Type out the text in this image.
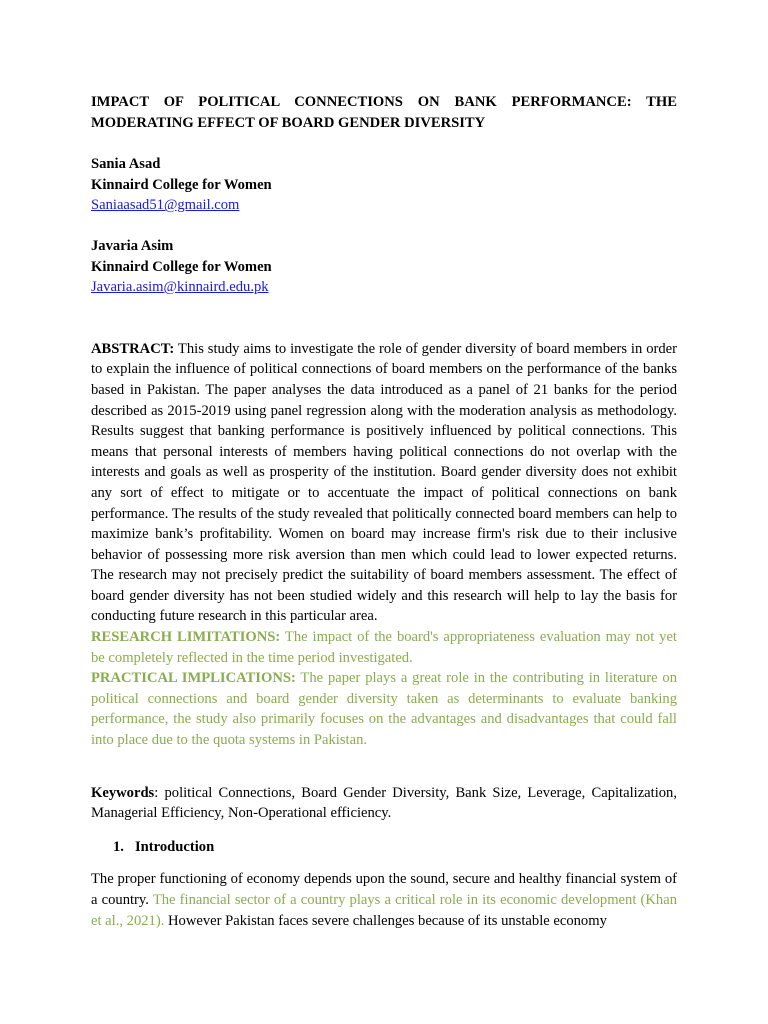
IMPACT OF POLITICAL CONNECTIONS ON BANK PERFORMANCE: THE MODERATING EFFECT OF BOARD GENDER DIVERSITY

Sania Asad
Kinnaird College for Women
Saniaasad51@gmail.com
Javaria Asim
Kinnaird College for Women
Javaria.asim@kinnaird.edu.pk

ABSTRACT: This study aims to investigate the role of gender diversity of board members in order to explain the influence of political connections of board members on the performance of the banks based in Pakistan. The paper analyses the data introduced as a panel of 21 banks for the period described as 2015-2019 using panel regression along with the moderation analysis as methodology. Results suggest that banking performance is positively influenced by political connections. This means that personal interests of members having political connections do not overlap with the interests and goals as well as prosperity of the institution. Board gender diversity does not exhibit any sort of effect to mitigate or to accentuate the impact of political connections on bank performance. The results of the study revealed that politically connected board members can help to maximize bank’s profitability. Women on board may increase firm's risk due to their inclusive behavior of possessing more risk aversion than men which could lead to lower expected returns. The research may not precisely predict the suitability of board members assessment. The effect of board gender diversity has not been studied widely and this research will help to lay the basis for conducting future research in this particular area.

RESEARCH LIMITATIONS: The impact of the board's appropriateness evaluation may not yet be completely reflected in the time period investigated.

PRACTICAL IMPLICATIONS: The paper plays a great role in the contributing in literature on political connections and board gender diversity taken as determinants to evaluate banking performance, the study also primarily focuses on the advantages and disadvantages that could fall into place due to the quota systems in Pakistan.

Keywords: political Connections, Board Gender Diversity, Bank Size, Leverage, Capitalization, Managerial Efficiency, Non-Operational efficiency.

1. Introduction

The proper functioning of economy depends upon the sound, secure and healthy financial system of a country. The financial sector of a country plays a critical role in its economic development (Khan et al., 2021). However Pakistan faces severe challenges because of its unstable economy
